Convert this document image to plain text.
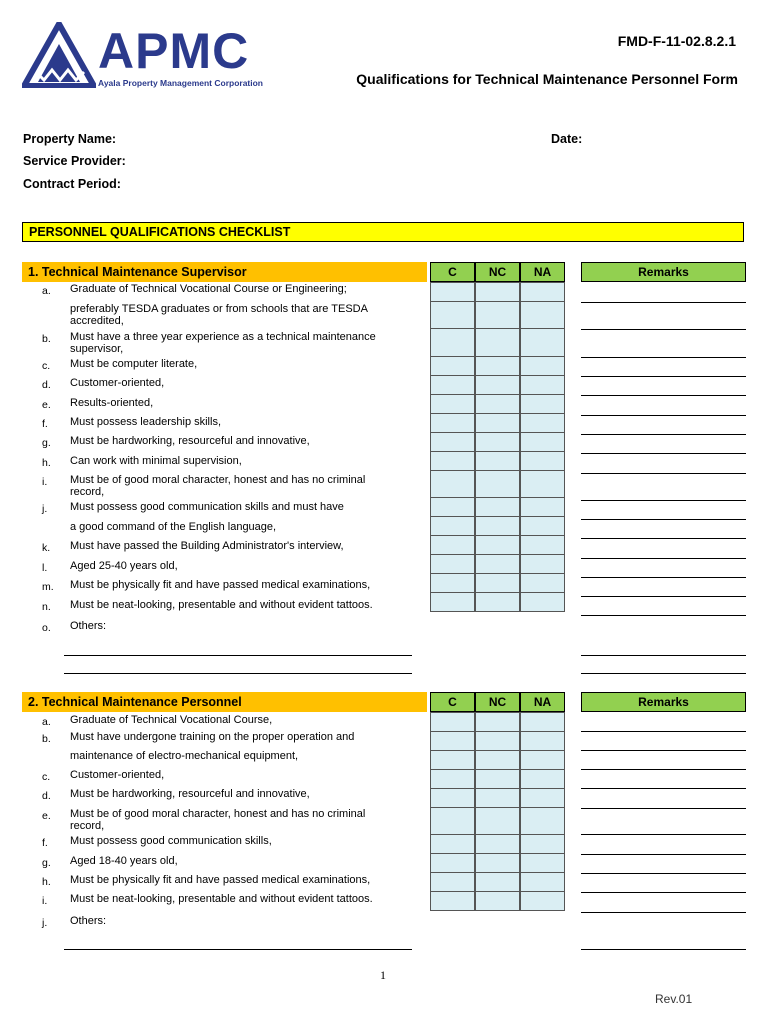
APMC
Ayala Property Management Corporation
FMD-F-11-02.8.2.1
Qualifications for Technical Maintenance Personnel Form
Property Name:
Service Provider:
Contract Period:
Date:
PERSONNEL QUALIFICATIONS CHECKLIST
1. Technical Maintenance Supervisor	C	NC	NA	Remarks
a.	Graduate of Technical Vocational Course or Engineering;
preferably TESDA graduates or from schools that are TESDA accredited,
b.	Must have a three year experience as a technical maintenance supervisor,
c.	Must be computer literate,
d.	Customer-oriented,
e.	Results-oriented,
f.	Must possess leadership skills,
g.	Must be hardworking, resourceful and innovative,
h.	Can work with minimal supervision,
i.	Must be of good moral character, honest and has no criminal record,
j.	Must possess good communication skills and must have
a good command of the English language,
k.	Must have passed the Building Administrator's interview,
l.	Aged 25-40 years old,
m.	Must be physically fit and have passed medical examinations,
n.	Must be neat-looking, presentable and without evident tattoos.
o.	Others:
2. Technical Maintenance Personnel	C	NC	NA	Remarks
a.	Graduate of Technical Vocational Course,
b.	Must have undergone training on the proper operation and
maintenance of electro-mechanical equipment,
c.	Customer-oriented,
d.	Must be hardworking, resourceful and innovative,
e.	Must be of good moral character, honest and has no criminal record,
f.	Must possess good communication skills,
g.	Aged 18-40 years old,
h.	Must be physically fit and have passed medical examinations,
i.	Must be neat-looking, presentable and without evident tattoos.
j.	Others:
1
Rev.01
